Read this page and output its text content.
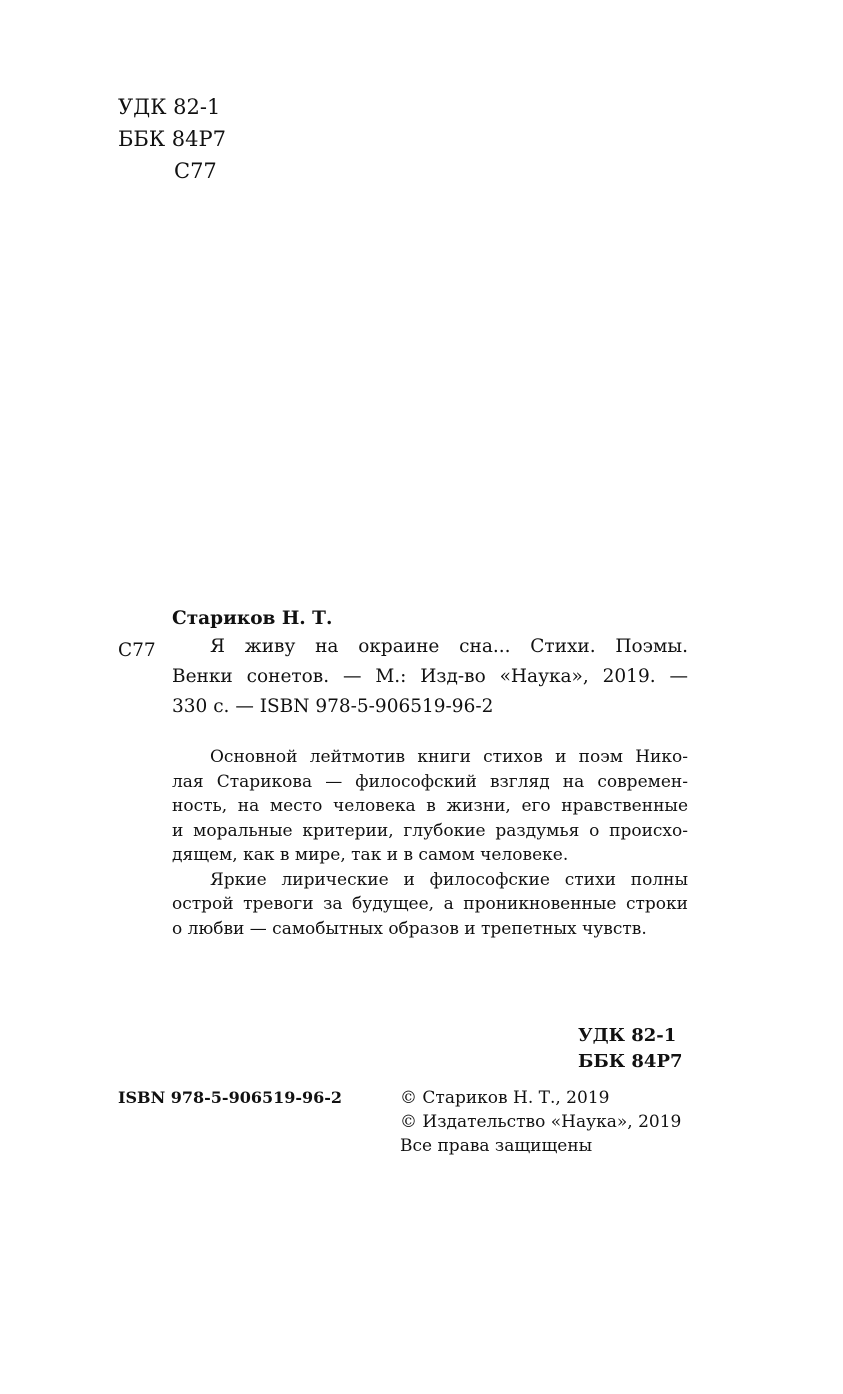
УДК 82-1
ББК 84Р7
С77
Стариков Н. Т.
С77	Я живу на окраине сна... Стихи. Поэмы.
Венки сонетов. — М.: Изд-во «Наука», 2019. —
330 с. — ISBN 978-5-906519-96-2
Основной лейтмотив книги стихов и поэм Нико-
лая Старикова — философский взгляд на современ-
ность, на место человека в жизни, его нравственные
и моральные критерии, глубокие раздумья о происхо-
дящем, как в мире, так и в самом человеке.
Яркие лирические и философские стихи полны
острой тревоги за будущее, а проникновенные строки
о любви — самобытных образов и трепетных чувств.
УДК 82-1
ББК 84Р7
ISBN 978-5-906519-96-2	© Стариков Н. Т., 2019
© Издательство «Наука», 2019
Все права защищены
